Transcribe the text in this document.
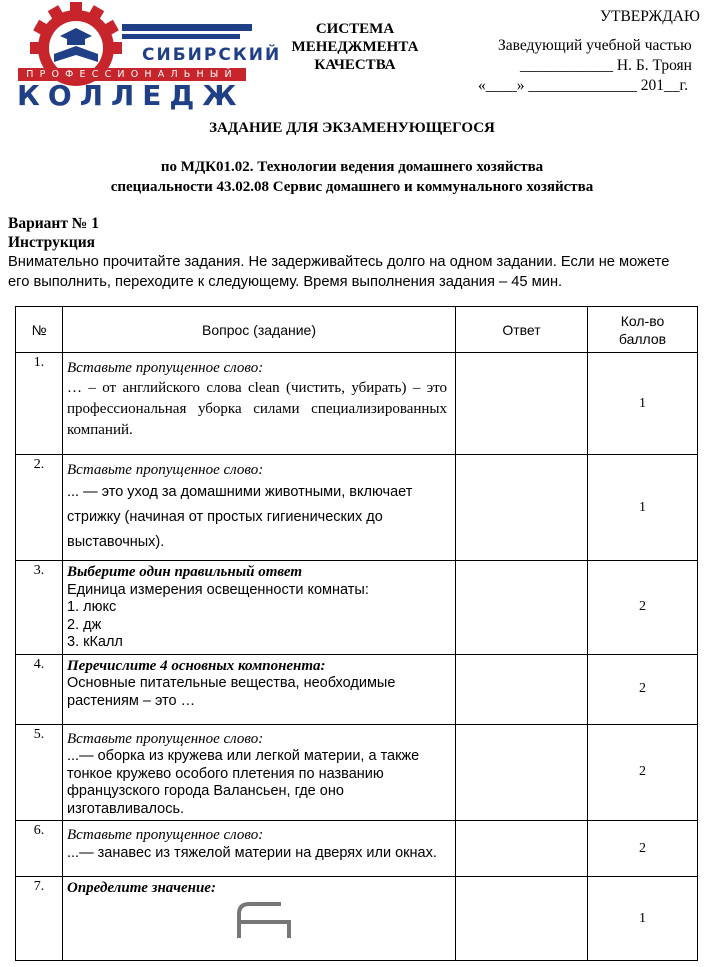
СИБИРСКИЙ
ПРОФЕССИОНАЛЬНЫЙ
КОЛЛЕДЖ
СИСТЕМА
МЕНЕДЖМЕНТА
КАЧЕСТВА
УТВЕРЖДАЮ
Заведующий учебной частью
____________ Н. Б. Троян
«____» ______________ 201__г.
ЗАДАНИЕ ДЛЯ ЭКЗАМЕНУЮЩЕГОСЯ
по МДК01.02. Технологии ведения домашнего хозяйства
специальности 43.02.08 Сервис домашнего и коммунального хозяйства
Вариант № 1
Инструкция
Внимательно прочитайте задания. Не задерживайтесь долго на одном задании. Если не можете
его выполнить, переходите к следующему. Время выполнения задания – 45 мин.
№	Вопрос (задание)	Ответ	Кол-во
баллов

1.	Вставьте пропущенное слово:
… – от английского слова clean (чистить, убирать) – это профессиональная уборка силами специализированных компаний.		1
2.	Вставьте пропущенное слово:
... — это уход за домашними животными, включает стрижку (начиная от простых гигиенических до выставочных).		1
3.	Выберите один правильный ответ
Единица измерения освещенности комнаты:
1. люкс
2. дж
3. кКалл		2
4.	Перечислите 4 основных компонента:
Основные питательные вещества, необходимые растениям – это …		2
5.	Вставьте пропущенное слово:
...— оборка из кружева или легкой материи, а также тонкое кружево особого плетения по названию французского города Валансьен, где оно изготавливалось.		2
6.	Вставьте пропущенное слово:
...— занавес из тяжелой материи на дверях или окнах.		2
7.	Определите значение:		1
